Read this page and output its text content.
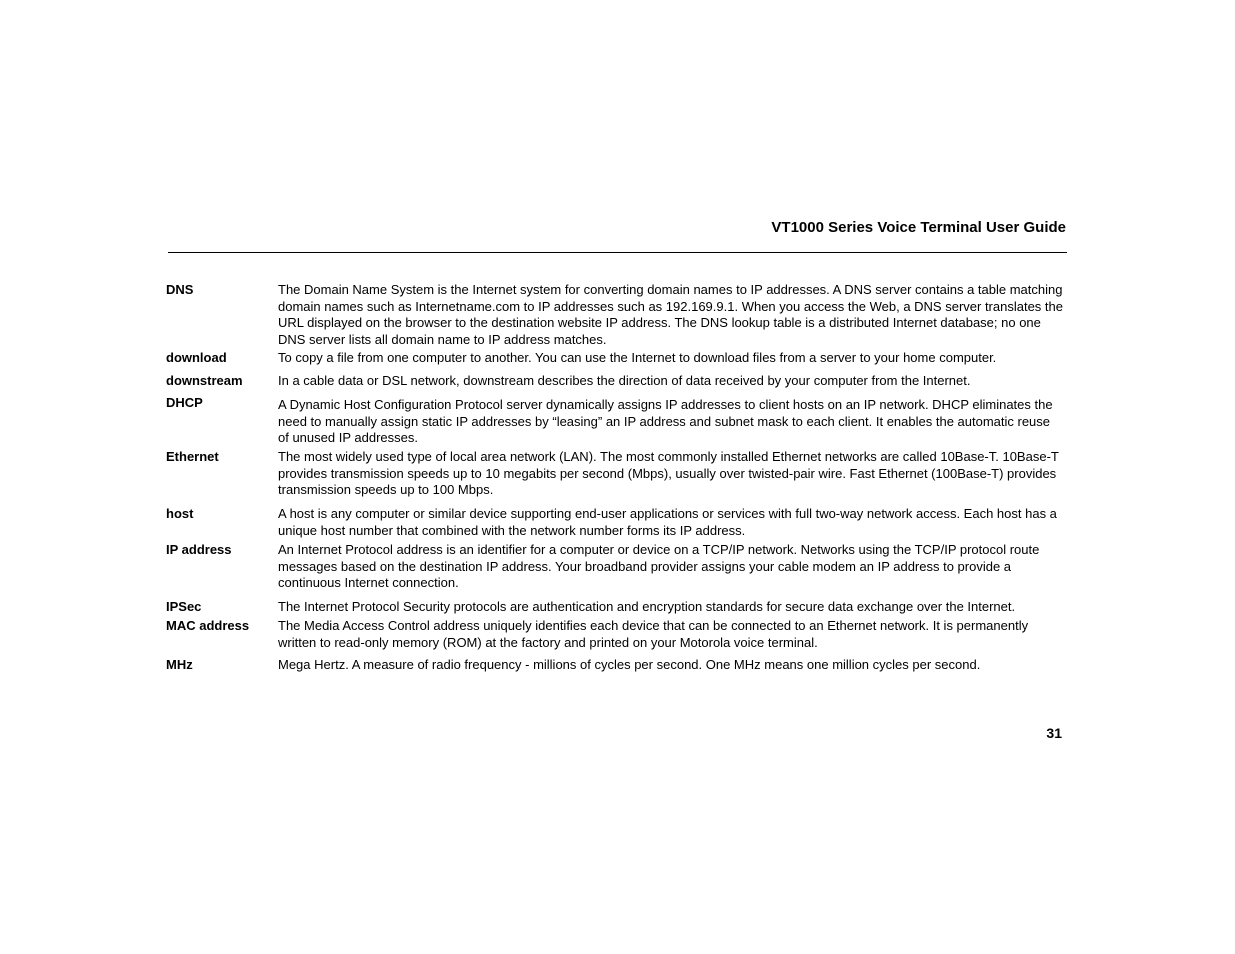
VT1000 Series Voice Terminal User Guide
DNS	The Domain Name System is the Internet system for converting domain names to IP addresses. A DNS server contains a table matching domain names such as Internetname.com to IP addresses such as 192.169.9.1. When you access the Web, a DNS server translates the URL displayed on the browser to the destination website IP address. The DNS lookup table is a distributed Internet database; no one DNS server lists all domain name to IP address matches.
download	To copy a file from one computer to another. You can use the Internet to download files from a server to your home computer.
downstream	In a cable data or DSL network, downstream describes the direction of data received by your computer from the Internet.
DHCP	A Dynamic Host Configuration Protocol server dynamically assigns IP addresses to client hosts on an IP network. DHCP eliminates the need to manually assign static IP addresses by “leasing” an IP address and subnet mask to each client. It enables the automatic reuse of unused IP addresses.
Ethernet	The most widely used type of local area network (LAN). The most commonly installed Ethernet networks are called 10Base-T. 10Base-T provides transmission speeds up to 10 megabits per second (Mbps), usually over twisted-pair wire. Fast Ethernet (100Base-T) provides transmission speeds up to 100 Mbps.
host	A host is any computer or similar device supporting end-user applications or services with full two-way network access. Each host has a unique host number that combined with the network number forms its IP address.
IP address	An Internet Protocol address is an identifier for a computer or device on a TCP/IP network. Networks using the TCP/IP protocol route messages based on the destination IP address. Your broadband provider assigns your cable modem an IP address to provide a continuous Internet connection.
IPSec	The Internet Protocol Security protocols are authentication and encryption standards for secure data exchange over the Internet.
MAC address	The Media Access Control address uniquely identifies each device that can be connected to an Ethernet network. It is permanently written to read-only memory (ROM) at the factory and printed on your Motorola voice terminal.
MHz	Mega Hertz. A measure of radio frequency - millions of cycles per second. One MHz means one million cycles per second.
31
